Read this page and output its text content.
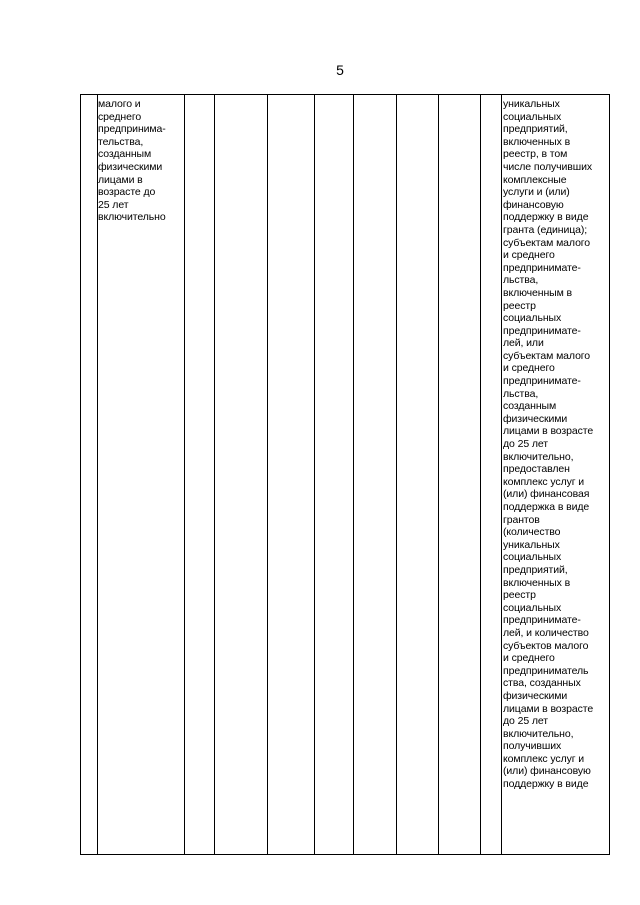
5
малого и
среднего
предпринима-
тельства,
созданным
физическими
лицами в
возрасте до
25 лет
включительно
уникальных
социальных
предприятий,
включенных в
реестр, в том
числе получивших
комплексные
услуги и (или)
финансовую
поддержку в виде
гранта (единица);
субъектам малого
и среднего
предпринимате-
льства,
включенным в
реестр
социальных
предпринимате-
лей, или
субъектам малого
и среднего
предпринимате-
льства,
созданным
физическими
лицами в возрасте
до 25 лет
включительно,
предоставлен
комплекс услуг и
(или) финансовая
поддержка в виде
грантов
(количество
уникальных
социальных
предприятий,
включенных в
реестр
социальных
предпринимате-
лей, и количество
субъектов малого
и среднего
предприниматель
ства, созданных
физическими
лицами в возрасте
до 25 лет
включительно,
получивших
комплекс услуг и
(или) финансовую
поддержку в виде
